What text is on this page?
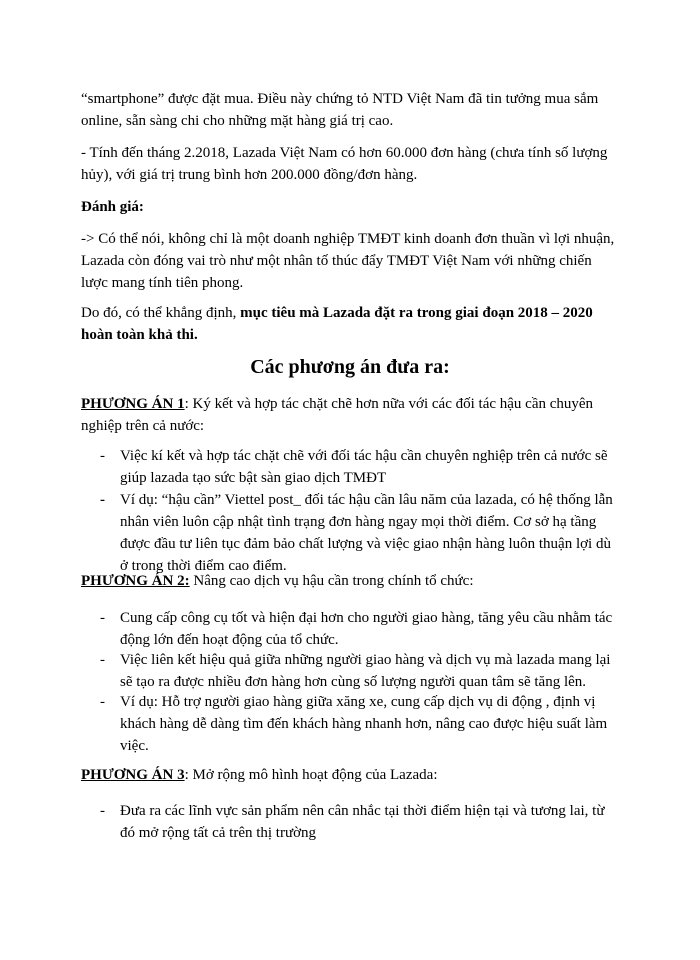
“smartphone” được đặt mua. Điều này chứng tỏ NTD Việt Nam đã tin tưởng mua sắm online, sẵn sàng chi cho những mặt hàng giá trị cao.

- Tính đến tháng 2.2018, Lazada Việt Nam có hơn 60.000 đơn hàng (chưa tính số lượng hủy), với giá trị trung bình hơn 200.000 đồng/đơn hàng.

Đánh giá:

-> Có thể nói, không chỉ là một doanh nghiệp TMĐT kinh doanh đơn thuần vì lợi nhuận, Lazada còn đóng vai trò như một nhân tố thúc đẩy TMĐT Việt Nam với những chiến lược mang tính tiên phong.

Do đó, có thể khẳng định, mục tiêu mà Lazada đặt ra trong giai đoạn 2018 – 2020 hoàn toàn khả thi.

Các phương án đưa ra:

PHƯƠNG ÁN 1: Ký kết và hợp tác chặt chẽ hơn nữa với các đối tác hậu cần chuyên nghiệp trên cả nước:

- Việc kí kết và hợp tác chặt chẽ với đối tác hậu cần chuyên nghiệp trên cả nước sẽ giúp lazada tạo sức bật sàn giao dịch TMĐT

- Ví dụ: “hậu cần” Viettel post_ đối tác hậu cần lâu năm của lazada, có hệ thống lẫn nhân viên luôn cập nhật tình trạng đơn hàng ngay mọi thời điểm. Cơ sở hạ tầng được đầu tư liên tục đảm bảo chất lượng và việc giao nhận hàng luôn thuận lợi dù ở trong thời điểm cao điểm.

PHƯƠNG ÁN 2: Nâng cao dịch vụ hậu cần trong chính tổ chức:

- Cung cấp công cụ tốt và hiện đại hơn cho người giao hàng, tăng yêu cầu nhằm tác động lớn đến hoạt động của tổ chức.

- Việc liên kết hiệu quả giữa những người giao hàng và dịch vụ mà lazada mang lại sẽ tạo ra được nhiều đơn hàng hơn cùng số lượng người quan tâm sẽ tăng lên.

- Ví dụ: Hỗ trợ người giao hàng giữa xăng xe, cung cấp dịch vụ di động , định vị khách hàng dễ dàng tìm đến khách hàng nhanh hơn, nâng cao được hiệu suất làm việc.

PHƯƠNG ÁN 3: Mở rộng mô hình hoạt động của Lazada:

- Đưa ra các lĩnh vực sản phẩm nên cân nhắc tại thời điểm hiện tại và tương lai, từ đó mở rộng tất cả trên thị trường
